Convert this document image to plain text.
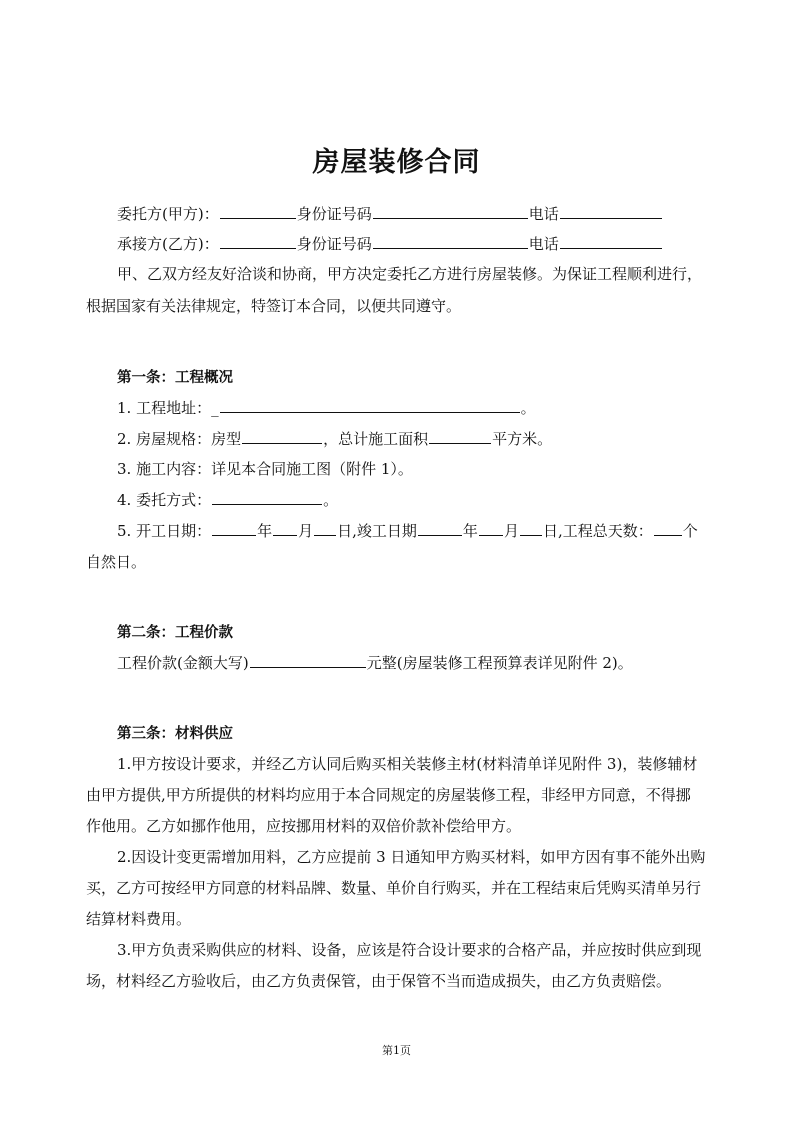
房屋装修合同
委托方(甲方)：	身份证号码	电话
承接方(乙方)：	身份证号码	电话
甲、乙双方经友好洽谈和协商，甲方决定委托乙方进行房屋装修。为保证工程顺利进行，
根据国家有关法律规定，特签订本合同，以便共同遵守。
第一条：工程概况
1. 工程地址：_	。
2. 房屋规格：房型	，总计施工面积	平方米。
3. 施工内容：详见本合同施工图（附件 1）。
4. 委托方式：	。
5. 开工日期：	年 月 日,竣工日期	年 月 日,工程总天数： 个
自然日。
第二条：工程价款
工程价款(金额大写)	元整(房屋装修工程预算表详见附件 2)。
第三条：材料供应
1.甲方按设计要求，并经乙方认同后购买相关装修主材(材料清单详见附件 3)，装修辅材
由甲方提供,甲方所提供的材料均应用于本合同规定的房屋装修工程，非经甲方同意，不得挪
作他用。乙方如挪作他用，应按挪用材料的双倍价款补偿给甲方。
2.因设计变更需增加用料，乙方应提前 3 日通知甲方购买材料，如甲方因有事不能外出购
买，乙方可按经甲方同意的材料品牌、数量、单价自行购买，并在工程结束后凭购买清单另行
结算材料费用。
3.甲方负责采购供应的材料、设备，应该是符合设计要求的合格产品，并应按时供应到现
场，材料经乙方验收后，由乙方负责保管，由于保管不当而造成损失，由乙方负责赔偿。
第1页
